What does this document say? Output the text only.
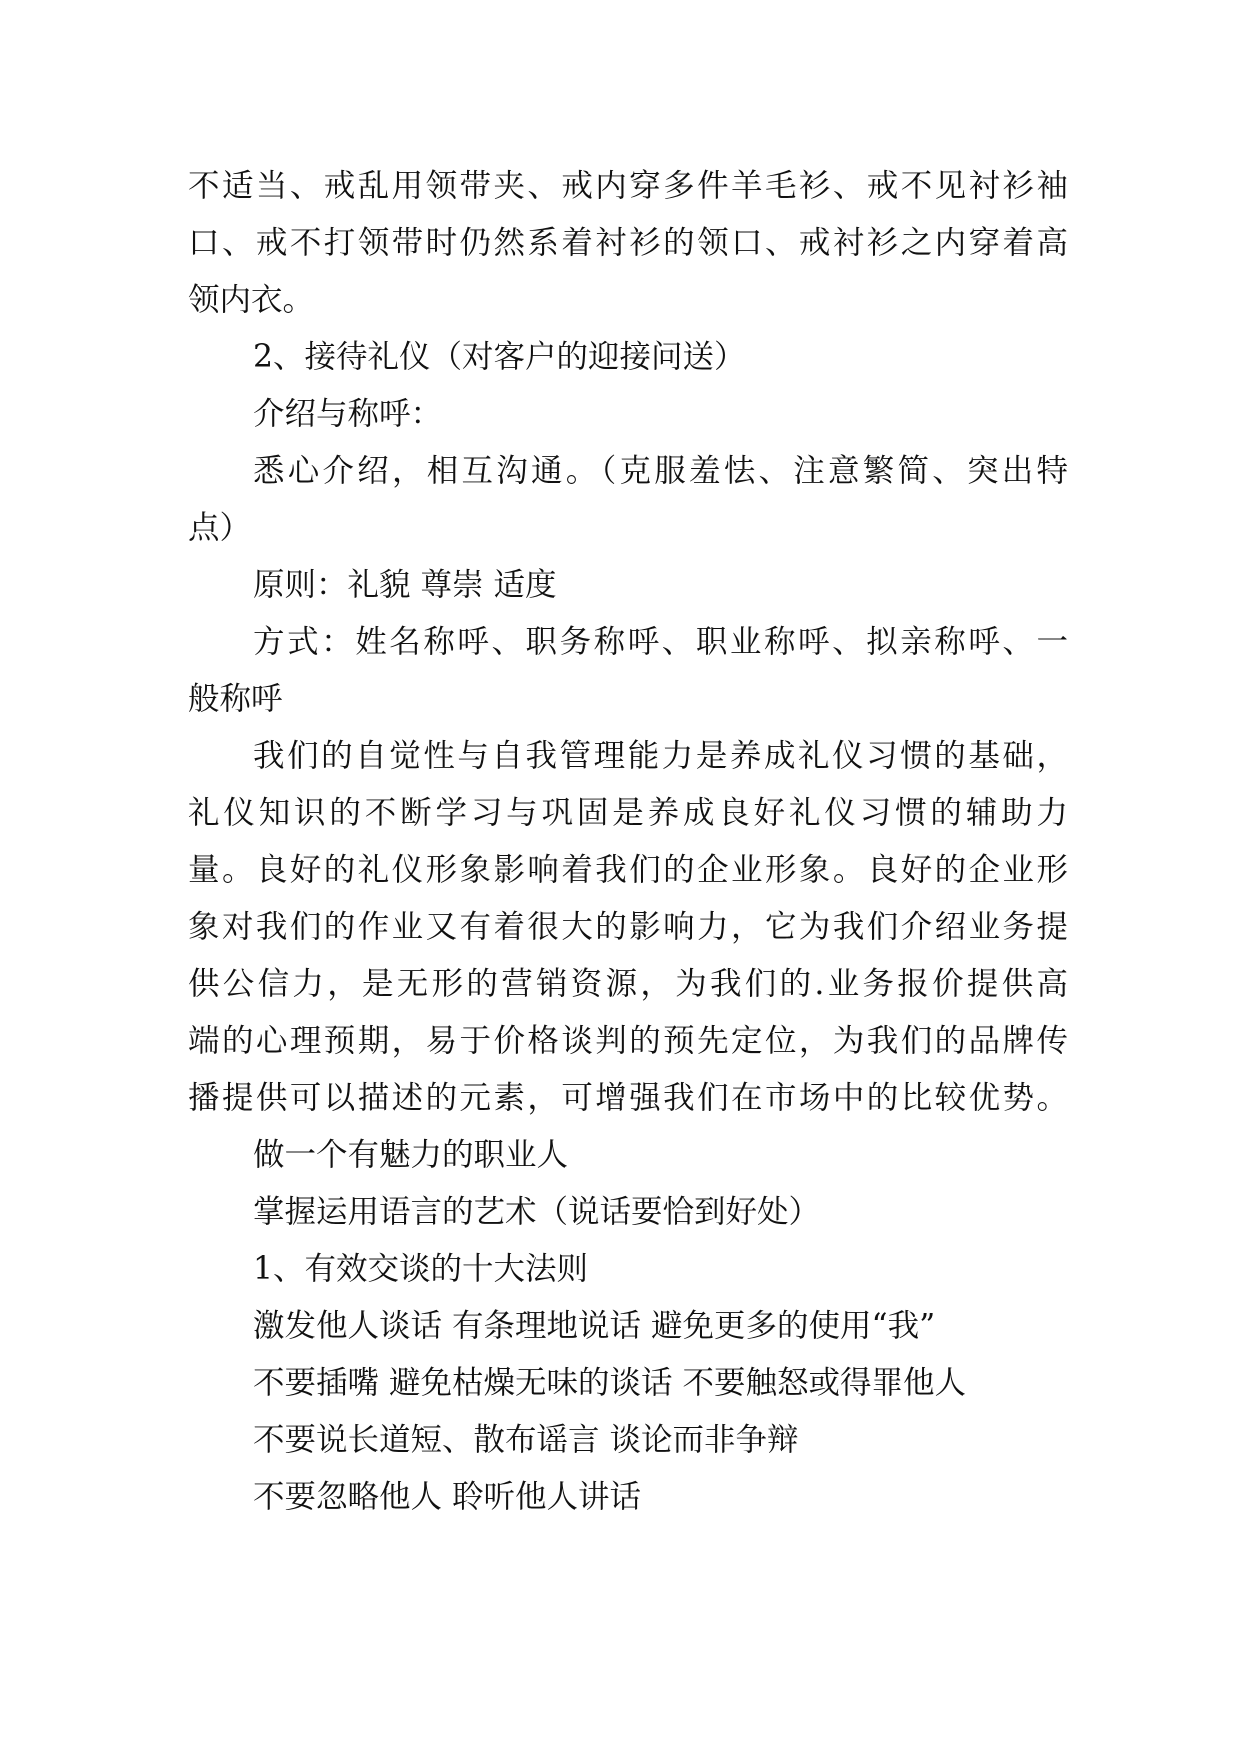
不适当、戒乱用领带夹、戒内穿多件羊毛衫、戒不见衬衫袖
口、戒不打领带时仍然系着衬衫的领口、戒衬衫之内穿着高
领内衣。
2、接待礼仪（对客户的迎接问送）
介绍与称呼：
悉心介绍，相互沟通。（克服羞怯、注意繁简、突出特
点）
原则：礼貌 尊崇 适度
方式：姓名称呼、职务称呼、职业称呼、拟亲称呼、一
般称呼
我们的自觉性与自我管理能力是养成礼仪习惯的基础，
礼仪知识的不断学习与巩固是养成良好礼仪习惯的辅助力
量。良好的礼仪形象影响着我们的企业形象。良好的企业形
象对我们的作业又有着很大的影响力，它为我们介绍业务提
供公信力，是无形的营销资源，为我们的.业务报价提供高
端的心理预期，易于价格谈判的预先定位，为我们的品牌传
播提供可以描述的元素，可增强我们在市场中的比较优势。
做一个有魅力的职业人
掌握运用语言的艺术（说话要恰到好处）
1、有效交谈的十大法则
激发他人谈话 有条理地说话 避免更多的使用“我”
不要插嘴 避免枯燥无味的谈话 不要触怒或得罪他人
不要说长道短、散布谣言 谈论而非争辩
不要忽略他人 聆听他人讲话
